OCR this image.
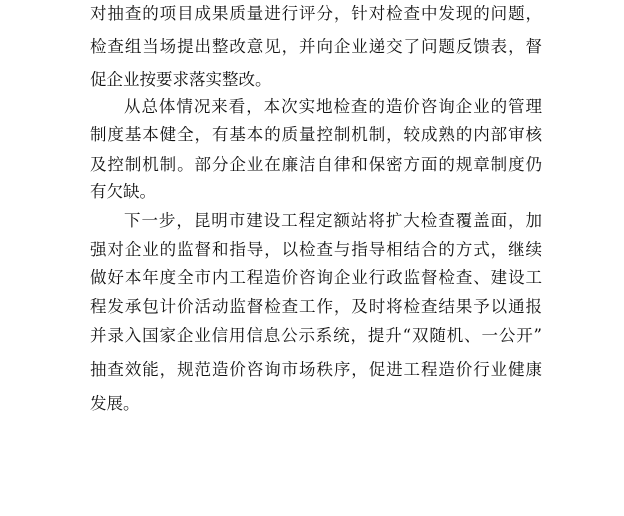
对抽查的项目成果质量进行评分，针对检查中发现的问题，
检查组当场提出整改意见，并向企业递交了问题反馈表，督
促企业按要求落实整改。
从总体情况来看，本次实地检查的造价咨询企业的管理
制度基本健全，有基本的质量控制机制，较成熟的内部审核
及控制机制。部分企业在廉洁自律和保密方面的规章制度仍
有欠缺。
下一步，昆明市建设工程定额站将扩大检查覆盖面，加
强对企业的监督和指导，以检查与指导相结合的方式，继续
做好本年度全市内工程造价咨询企业行政监督检查、建设工
程发承包计价活动监督检查工作，及时将检查结果予以通报
并录入国家企业信用信息公示系统，提升“双随机、一公开”
抽查效能，规范造价咨询市场秩序，促进工程造价行业健康
发展。
